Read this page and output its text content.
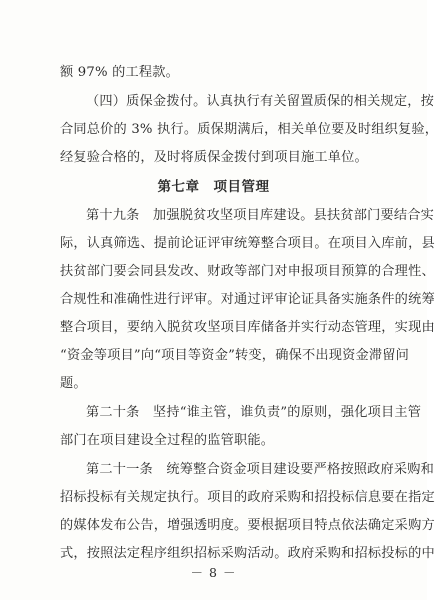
额 97% 的工程款。
（四）质保金拨付。认真执行有关留置质保的相关规定，按
合同总价的 3% 执行。质保期满后，相关单位要及时组织复验，
经复验合格的，及时将质保金拨付到项目施工单位。
第七章　项目管理
第十九条　加强脱贫攻坚项目库建设。县扶贫部门要结合实
际，认真筛选、提前论证评审统筹整合项目。在项目入库前，县
扶贫部门要会同县发改、财政等部门对申报项目预算的合理性、
合规性和准确性进行评审。对通过评审论证具备实施条件的统筹
整合项目，要纳入脱贫攻坚项目库储备并实行动态管理，实现由
“资金等项目”向“项目等资金”转变，确保不出现资金滞留问
题。
第二十条　坚持“谁主管，谁负责”的原则，强化项目主管
部门在项目建设全过程的监管职能。
第二十一条　统筹整合资金项目建设要严格按照政府采购和
招标投标有关规定执行。项目的政府采购和招投标信息要在指定
的媒体发布公告，增强透明度。要根据项目特点依法确定采购方
式，按照法定程序组织招标采购活动。政府采购和招标投标的中
－ 8 －
